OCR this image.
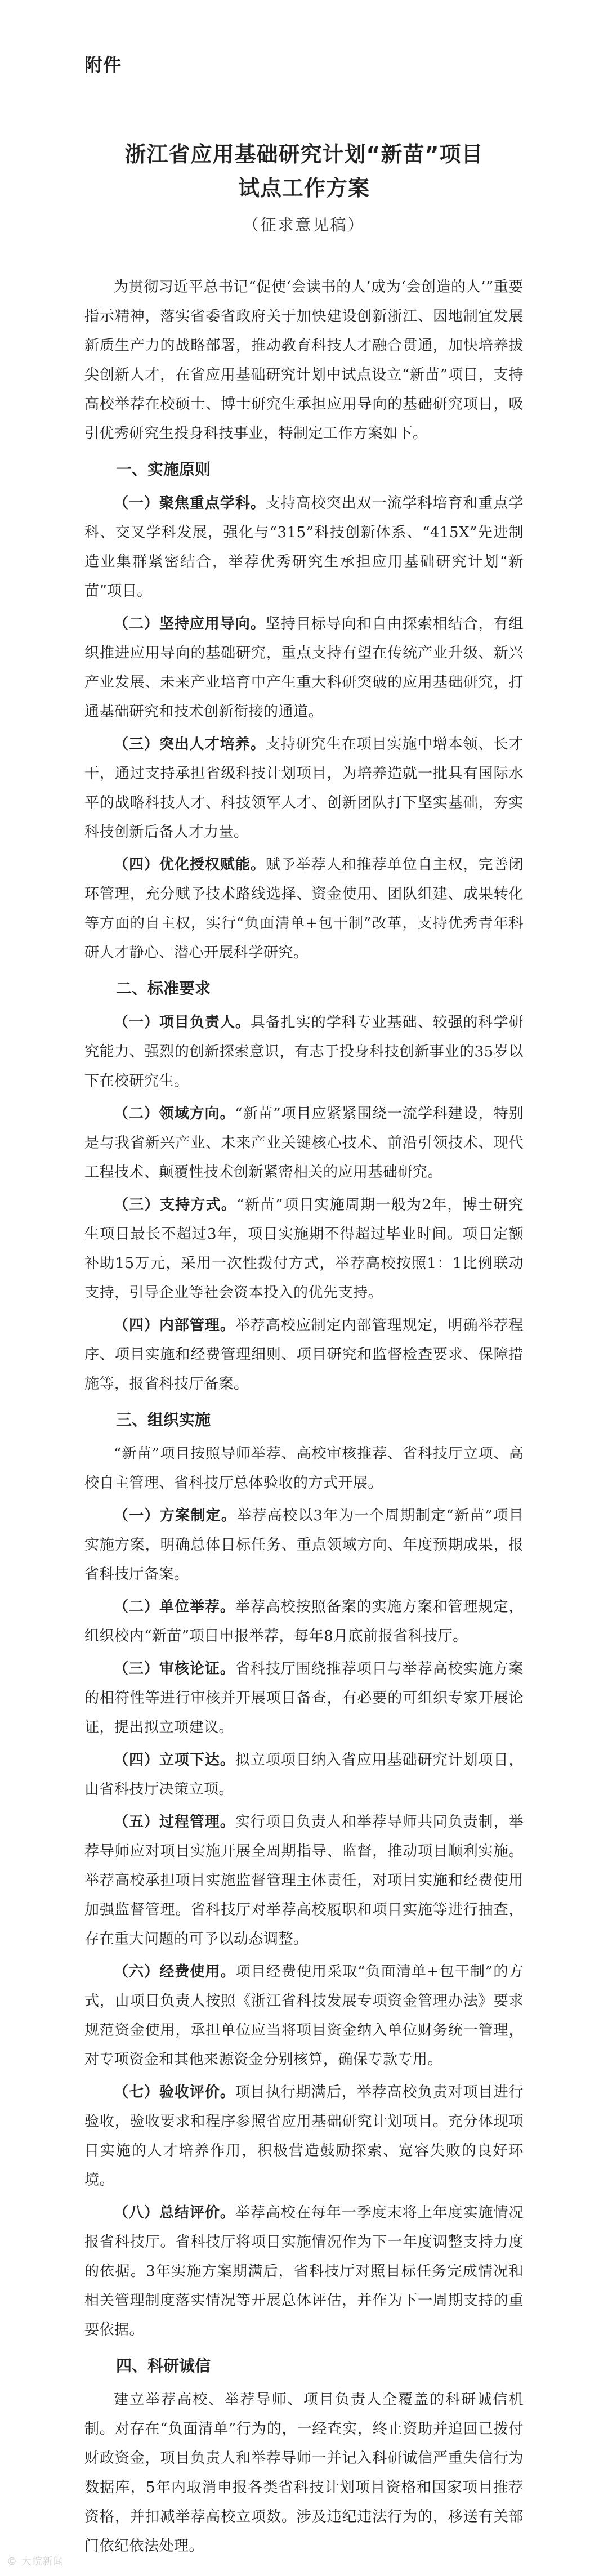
附件
浙江省应用基础研究计划“新苗”项目
试点工作方案
（征求意见稿）

为贯彻习近平总书记“促使‘会读书的人’成为‘会创造的人’”重要指示精神，落实省委省政府关于加快建设创新浙江、因地制宜发展新质生产力的战略部署，推动教育科技人才融合贯通，加快培养拔尖创新人才，在省应用基础研究计划中试点设立“新苗”项目，支持高校举荐在校硕士、博士研究生承担应用导向的基础研究项目，吸引优秀研究生投身科技事业，特制定工作方案如下。

一、实施原则

（一）聚焦重点学科。支持高校突出双一流学科培育和重点学科、交叉学科发展，强化与“315”科技创新体系、“415X”先进制造业集群紧密结合，举荐优秀研究生承担应用基础研究计划“新苗”项目。

（二）坚持应用导向。坚持目标导向和自由探索相结合，有组织推进应用导向的基础研究，重点支持有望在传统产业升级、新兴产业发展、未来产业培育中产生重大科研突破的应用基础研究，打通基础研究和技术创新衔接的通道。

（三）突出人才培养。支持研究生在项目实施中增本领、长才干，通过支持承担省级科技计划项目，为培养造就一批具有国际水平的战略科技人才、科技领军人才、创新团队打下坚实基础，夯实科技创新后备人才力量。

（四）优化授权赋能。赋予举荐人和推荐单位自主权，完善闭环管理，充分赋予技术路线选择、资金使用、团队组建、成果转化等方面的自主权，实行“负面清单+包干制”改革，支持优秀青年科研人才静心、潜心开展科学研究。

二、标准要求

（一）项目负责人。具备扎实的学科专业基础、较强的科学研究能力、强烈的创新探索意识，有志于投身科技创新事业的35岁以下在校研究生。

（二）领域方向。“新苗”项目应紧紧围绕一流学科建设，特别是与我省新兴产业、未来产业关键核心技术、前沿引领技术、现代工程技术、颠覆性技术创新紧密相关的应用基础研究。

（三）支持方式。“新苗”项目实施周期一般为2年，博士研究生项目最长不超过3年，项目实施期不得超过毕业时间。项目定额补助15万元，采用一次性拨付方式，举荐高校按照1：1比例联动支持，引导企业等社会资本投入的优先支持。

（四）内部管理。举荐高校应制定内部管理规定，明确举荐程序、项目实施和经费管理细则、项目研究和监督检查要求、保障措施等，报省科技厅备案。

三、组织实施

“新苗”项目按照导师举荐、高校审核推荐、省科技厅立项、高校自主管理、省科技厅总体验收的方式开展。

（一）方案制定。举荐高校以3年为一个周期制定“新苗”项目实施方案，明确总体目标任务、重点领域方向、年度预期成果，报省科技厅备案。

（二）单位举荐。举荐高校按照备案的实施方案和管理规定，组织校内“新苗”项目申报举荐，每年8月底前报省科技厅。

（三）审核论证。省科技厅围绕推荐项目与举荐高校实施方案的相符性等进行审核并开展项目备查，有必要的可组织专家开展论证，提出拟立项建议。

（四）立项下达。拟立项项目纳入省应用基础研究计划项目，由省科技厅决策立项。

（五）过程管理。实行项目负责人和举荐导师共同负责制，举荐导师应对项目实施开展全周期指导、监督，推动项目顺利实施。举荐高校承担项目实施监督管理主体责任，对项目实施和经费使用加强监督管理。省科技厅对举荐高校履职和项目实施等进行抽查，存在重大问题的可予以动态调整。

（六）经费使用。项目经费使用采取“负面清单+包干制”的方式，由项目负责人按照《浙江省科技发展专项资金管理办法》要求规范资金使用，承担单位应当将项目资金纳入单位财务统一管理，对专项资金和其他来源资金分别核算，确保专款专用。

（七）验收评价。项目执行期满后，举荐高校负责对项目进行验收，验收要求和程序参照省应用基础研究计划项目。充分体现项目实施的人才培养作用，积极营造鼓励探索、宽容失败的良好环境。

（八）总结评价。举荐高校在每年一季度末将上年度实施情况报省科技厅。省科技厅将项目实施情况作为下一年度调整支持力度的依据。3年实施方案期满后，省科技厅对照目标任务完成情况和相关管理制度落实情况等开展总体评估，并作为下一周期支持的重要依据。

四、科研诚信

建立举荐高校、举荐导师、项目负责人全覆盖的科研诚信机制。对存在“负面清单”行为的，一经查实，终止资助并追回已拨付财政资金，项目负责人和举荐导师一并记入科研诚信严重失信行为数据库，5年内取消申报各类省科技计划项目资格和国家项目推荐资格，并扣减举荐高校立项数。涉及违纪违法行为的，移送有关部门依纪依法处理。

© 大皖新闻
